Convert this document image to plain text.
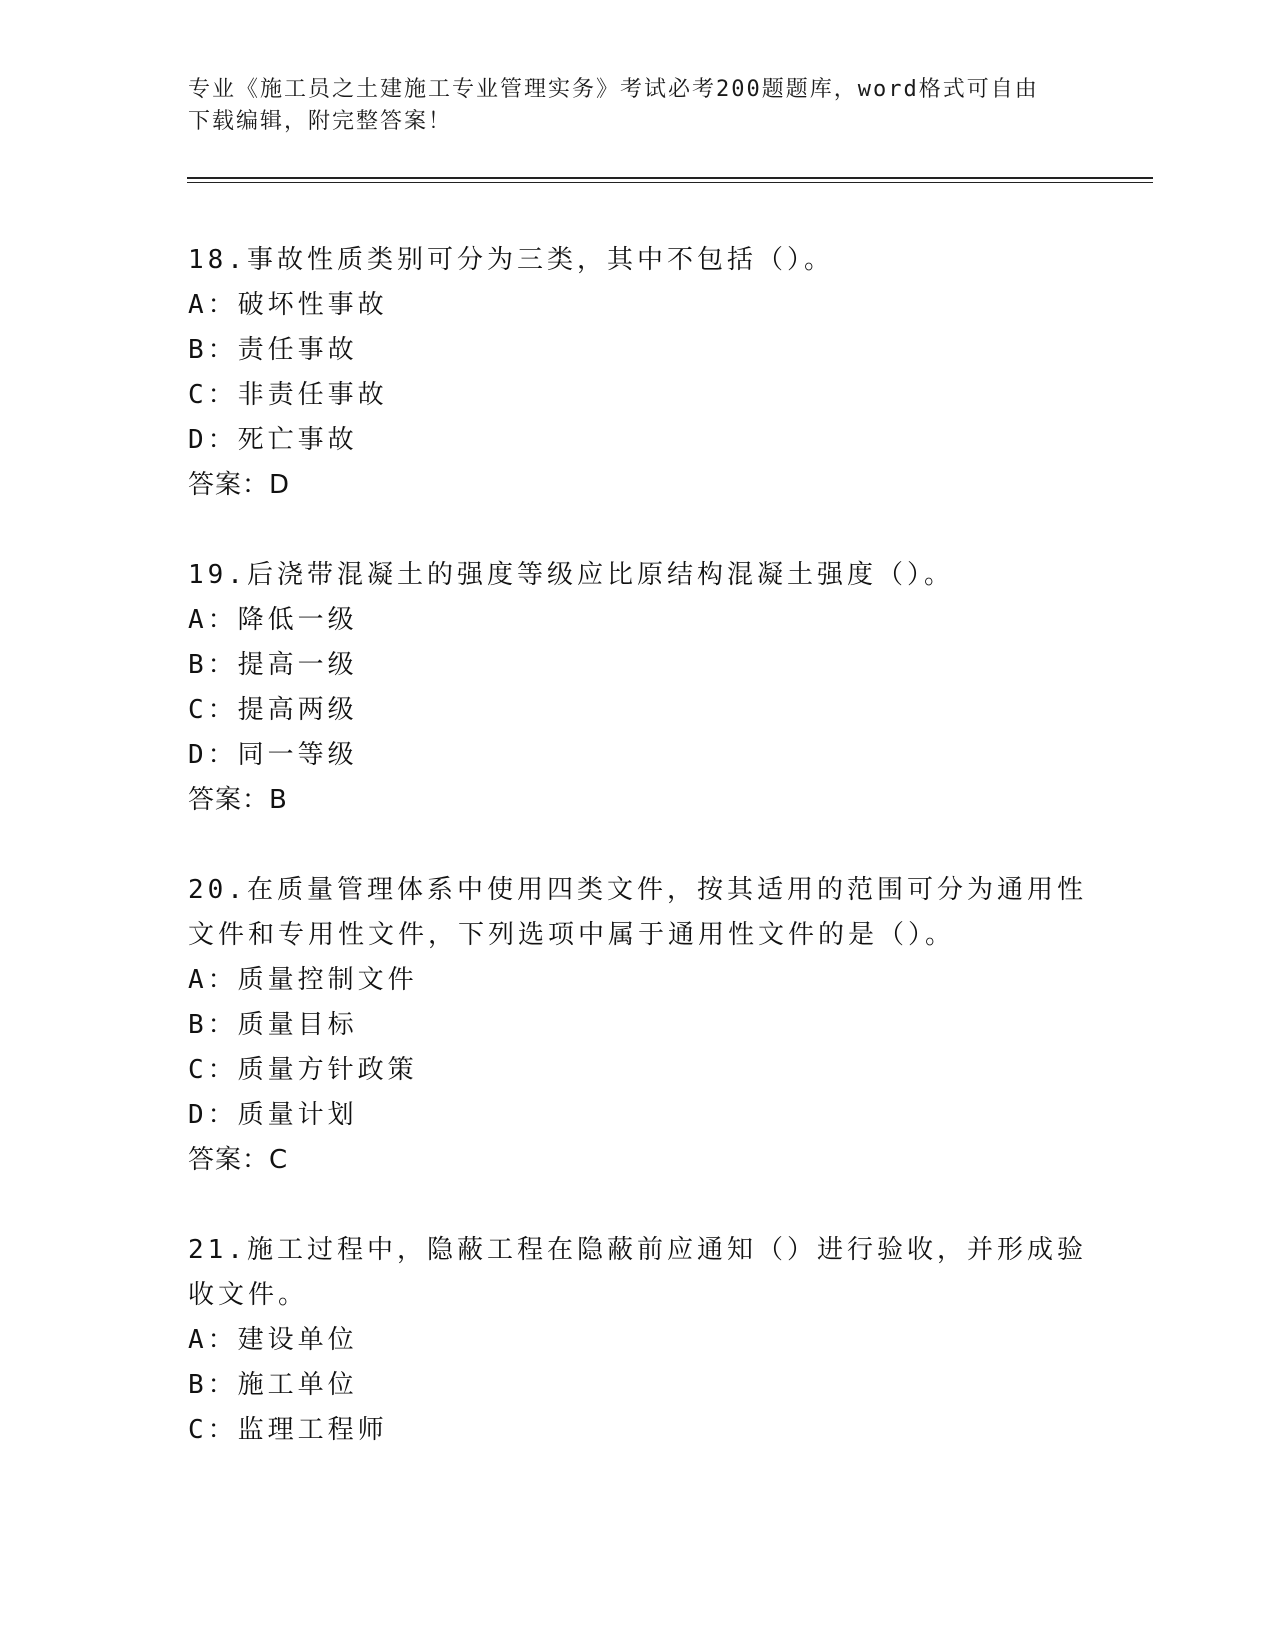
专业《施工员之土建施工专业管理实务》考试必考200题题库，word格式可自由
下载编辑，附完整答案！

18.事故性质类别可分为三类，其中不包括（）。

A：破坏性事故

B：责任事故

C：非责任事故

D：死亡事故

答案：D

19.后浇带混凝土的强度等级应比原结构混凝土强度（）。

A：降低一级

B：提高一级

C：提高两级

D：同一等级

答案：B

20.在质量管理体系中使用四类文件，按其适用的范围可分为通用性文件和专用性文件，下列选项中属于通用性文件的是（）。

A：质量控制文件

B：质量目标

C：质量方针政策

D：质量计划

答案：C

21.施工过程中，隐蔽工程在隐蔽前应通知（）进行验收，并形成验收文件。

A：建设单位

B：施工单位

C：监理工程师
